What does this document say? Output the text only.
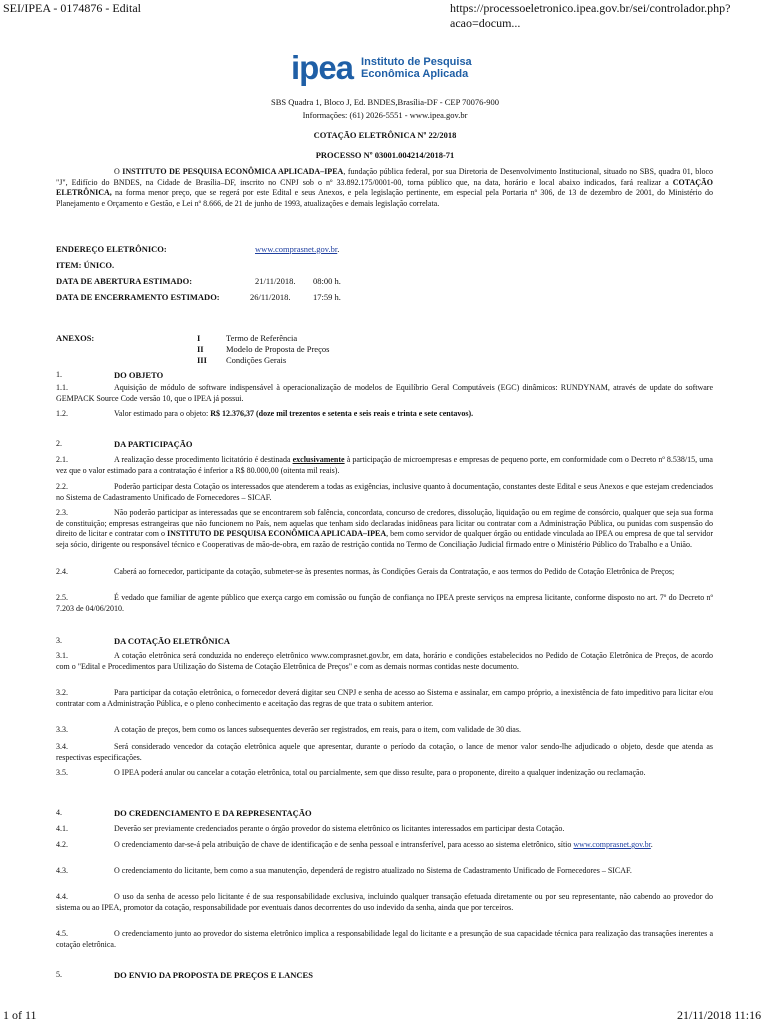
SEI/IPEA - 0174876 - Edital	https://processoeletronico.ipea.gov.br/sei/controlador.php?acao=docum...
1 of 11	21/11/2018 11:16
ipea Instituto de Pesquisa
Econômica Aplicada
SBS Quadra 1, Bloco J, Ed. BNDES,Brasília-DF - CEP 70076-900
Informações: (61) 2026-5551 - www.ipea.gov.br
COTAÇÃO ELETRÔNICA Nº 22/2018
PROCESSO Nº 03001.004214/2018-71
O INSTITUTO DE PESQUISA ECONÔMICA APLICADA–IPEA, fundação pública federal, por sua Diretoria de Desenvolvimento Institucional, situado no SBS, quadra 01, bloco "J", Edifício do BNDES, na Cidade de Brasília–DF, inscrito no CNPJ sob o nº 33.892.175/0001-00, torna público que, na data, horário e local abaixo indicados, fará realizar a COTAÇÃO ELETRÔNICA, na forma menor preço, que se regerá por este Edital e seus Anexos, e pela legislação pertinente, em especial pela Portaria nº 306, de 13 de dezembro de 2001, do Ministério do Planejamento e Orçamento e Gestão, e Lei nº 8.666, de 21 de junho de 1993, atualizações e demais legislação correlata.
ENDEREÇO ELETRÔNICO:	www.comprasnet.gov.br.
ITEM: ÚNICO.
DATA DE ABERTURA ESTIMADO:	21/11/2018. 08:00 h.
DATA DE ENCERRAMENTO ESTIMADO:	26/11/2018.	17:59 h.
ANEXOS:	I	Termo de Referência
II	Modelo de Proposta de Preços
III Condições Gerais
1.	DO OBJETO
1.1.	Aquisição de módulo de software indispensável à operacionalização de modelos de Equilíbrio Geral Computáveis (EGC) dinâmicos: RUNDYNAM, através de update do software GEMPACK Source Code versão 10, que o IPEA já possui.
1.2.	Valor estimado para o objeto: R$ 12.376,37 (doze mil trezentos e setenta e seis reais e trinta e sete centavos).
2.	DA PARTICIPAÇÃO
2.1.	A realização desse procedimento licitatório é destinada exclusivamente à participação de microempresas e empresas de pequeno porte, em conformidade com o Decreto nº 8.538/15, uma vez que o valor estimado para a contratação é inferior a R$ 80.000,00 (oitenta mil reais).
2.2.	Poderão participar desta Cotação os interessados que atenderem a todas as exigências, inclusive quanto à documentação, constantes deste Edital e seus Anexos e que estejam credenciados no Sistema de Cadastramento Unificado de Fornecedores – SICAF.
2.3.	Não poderão participar as interessadas que se encontrarem sob falência, concordata, concurso de credores, dissolução, liquidação ou em regime de consórcio, qualquer que seja sua forma de constituição; empresas estrangeiras que não funcionem no País, nem aquelas que tenham sido declaradas inidôneas para licitar ou contratar com a Administração Pública, ou punidas com suspensão do direito de licitar e contratar com o INSTITUTO DE PESQUISA ECONÔMICA APLICADA–IPEA, bem como servidor de qualquer órgão ou entidade vinculada ao IPEA ou empresa de que tal servidor seja sócio, dirigente ou responsável técnico e Cooperativas de mão-de-obra, em razão de restrição contida no Termo de Conciliação Judicial firmado entre o Ministério Público do Trabalho e a União.
2.4.	Caberá ao fornecedor, participante da cotação, submeter-se às presentes normas, às Condições Gerais da Contratação, e aos termos do Pedido de Cotação Eletrônica de Preços;
2.5.	É vedado que familiar de agente público que exerça cargo em comissão ou função de confiança no IPEA preste serviços na empresa licitante, conforme disposto no art. 7º do Decreto nº 7.203 de 04/06/2010.
3.	DA COTAÇÃO ELETRÔNICA
3.1.	A cotação eletrônica será conduzida no endereço eletrônico www.comprasnet.gov.br, em data, horário e condições estabelecidos no Pedido de Cotação Eletrônica de Preços, de acordo com o "Edital e Procedimentos para Utilização do Sistema de Cotação Eletrônica de Preços" e com as demais normas contidas neste documento.
3.2.	Para participar da cotação eletrônica, o fornecedor deverá digitar seu CNPJ e senha de acesso ao Sistema e assinalar, em campo próprio, a inexistência de fato impeditivo para licitar e/ou contratar com a Administração Pública, e o pleno conhecimento e aceitação das regras de que trata o subitem anterior.
3.3.	A cotação de preços, bem como os lances subsequentes deverão ser registrados, em reais, para o item, com validade de 30 dias.
3.4.	Será considerado vencedor da cotação eletrônica aquele que apresentar, durante o período da cotação, o lance de menor valor sendo-lhe adjudicado o objeto, desde que atenda as respectivas especificações.
3.5.	O IPEA poderá anular ou cancelar a cotação eletrônica, total ou parcialmente, sem que disso resulte, para o proponente, direito a qualquer indenização ou reclamação.
4.	DO CREDENCIAMENTO E DA REPRESENTAÇÃO
4.1.	Deverão ser previamente credenciados perante o órgão provedor do sistema eletrônico os licitantes interessados em participar desta Cotação.
4.2.	O credenciamento dar-se-á pela atribuição de chave de identificação e de senha pessoal e intransferível, para acesso ao sistema eletrônico, sítio www.comprasnet.gov.br.
4.3.	O credenciamento do licitante, bem como a sua manutenção, dependerá de registro atualizado no Sistema de Cadastramento Unificado de Fornecedores – SICAF.
4.4.	O uso da senha de acesso pelo licitante é de sua responsabilidade exclusiva, incluindo qualquer transação efetuada diretamente ou por seu representante, não cabendo ao provedor do sistema ou ao IPEA, promotor da cotação, responsabilidade por eventuais danos decorrentes do uso indevido da senha, ainda que por terceiros.
4.5.	O credenciamento junto ao provedor do sistema eletrônico implica a responsabilidade legal do licitante e a presunção de sua capacidade técnica para realização das transações inerentes a cotação eletrônica.
5.	DO ENVIO DA PROPOSTA DE PREÇOS E LANCES
